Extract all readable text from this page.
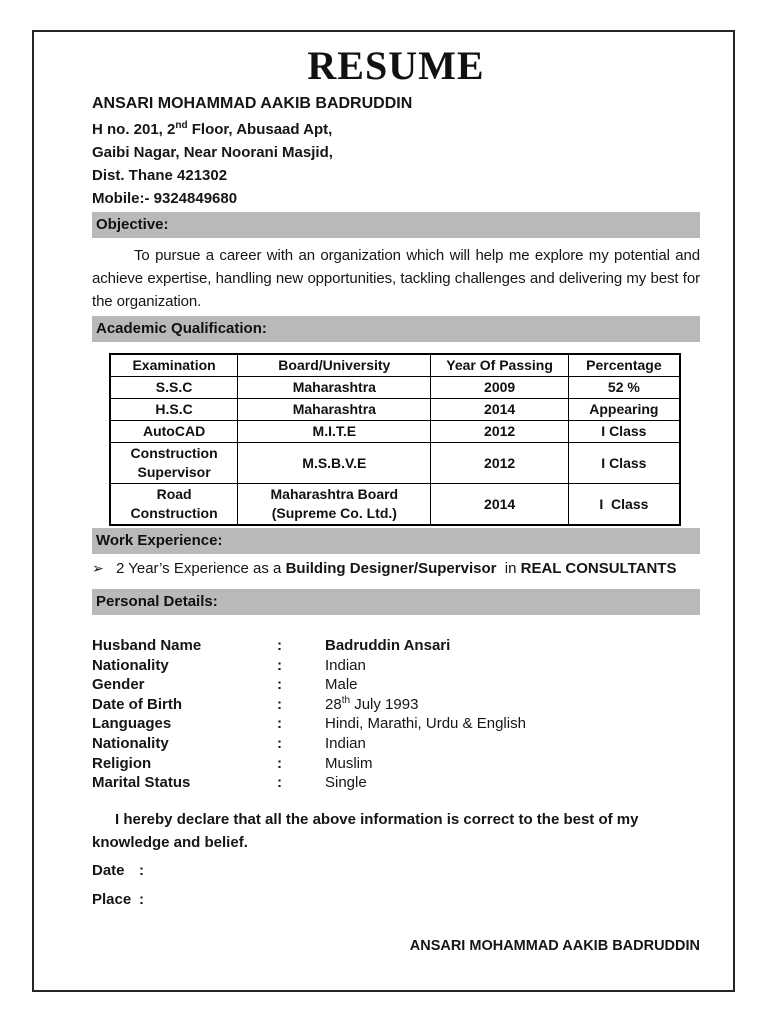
RESUME
ANSARI MOHAMMAD AAKIB BADRUDDIN
H no. 201, 2nd Floor, Abusaad Apt,
Gaibi Nagar, Near Noorani Masjid,
Dist. Thane 421302
Mobile:- 9324849680
Objective:
To pursue a career with an organization which will help me explore my potential and achieve expertise, handling new opportunities, tackling challenges and delivering my best for the organization.
Academic Qualification:
Examination	Board/University	Year Of Passing	Percentage
S.S.C	Maharashtra	2009	52 %
H.S.C	Maharashtra	2014	Appearing
AutoCAD	M.I.T.E	2012	I Class
Construction Supervisor	M.S.B.V.E	2012	I Class
Road Construction	Maharashtra Board (Supreme Co. Ltd.)	2014	I  Class
Work Experience:
➢ 2 Year’s Experience as a Building Designer/Supervisor  in REAL CONSULTANTS
Personal Details:
Husband Name	:	Badruddin Ansari
Nationality	:	Indian
Gender	:	Male
Date of Birth	:	28th July 1993
Languages	:	Hindi, Marathi, Urdu & English
Nationality	:	Indian
Religion	:	Muslim
Marital Status	:	Single
I hereby declare that all the above information is correct to the best of my knowledge and belief.
Date :
Place :
ANSARI MOHAMMAD AAKIB BADRUDDIN
